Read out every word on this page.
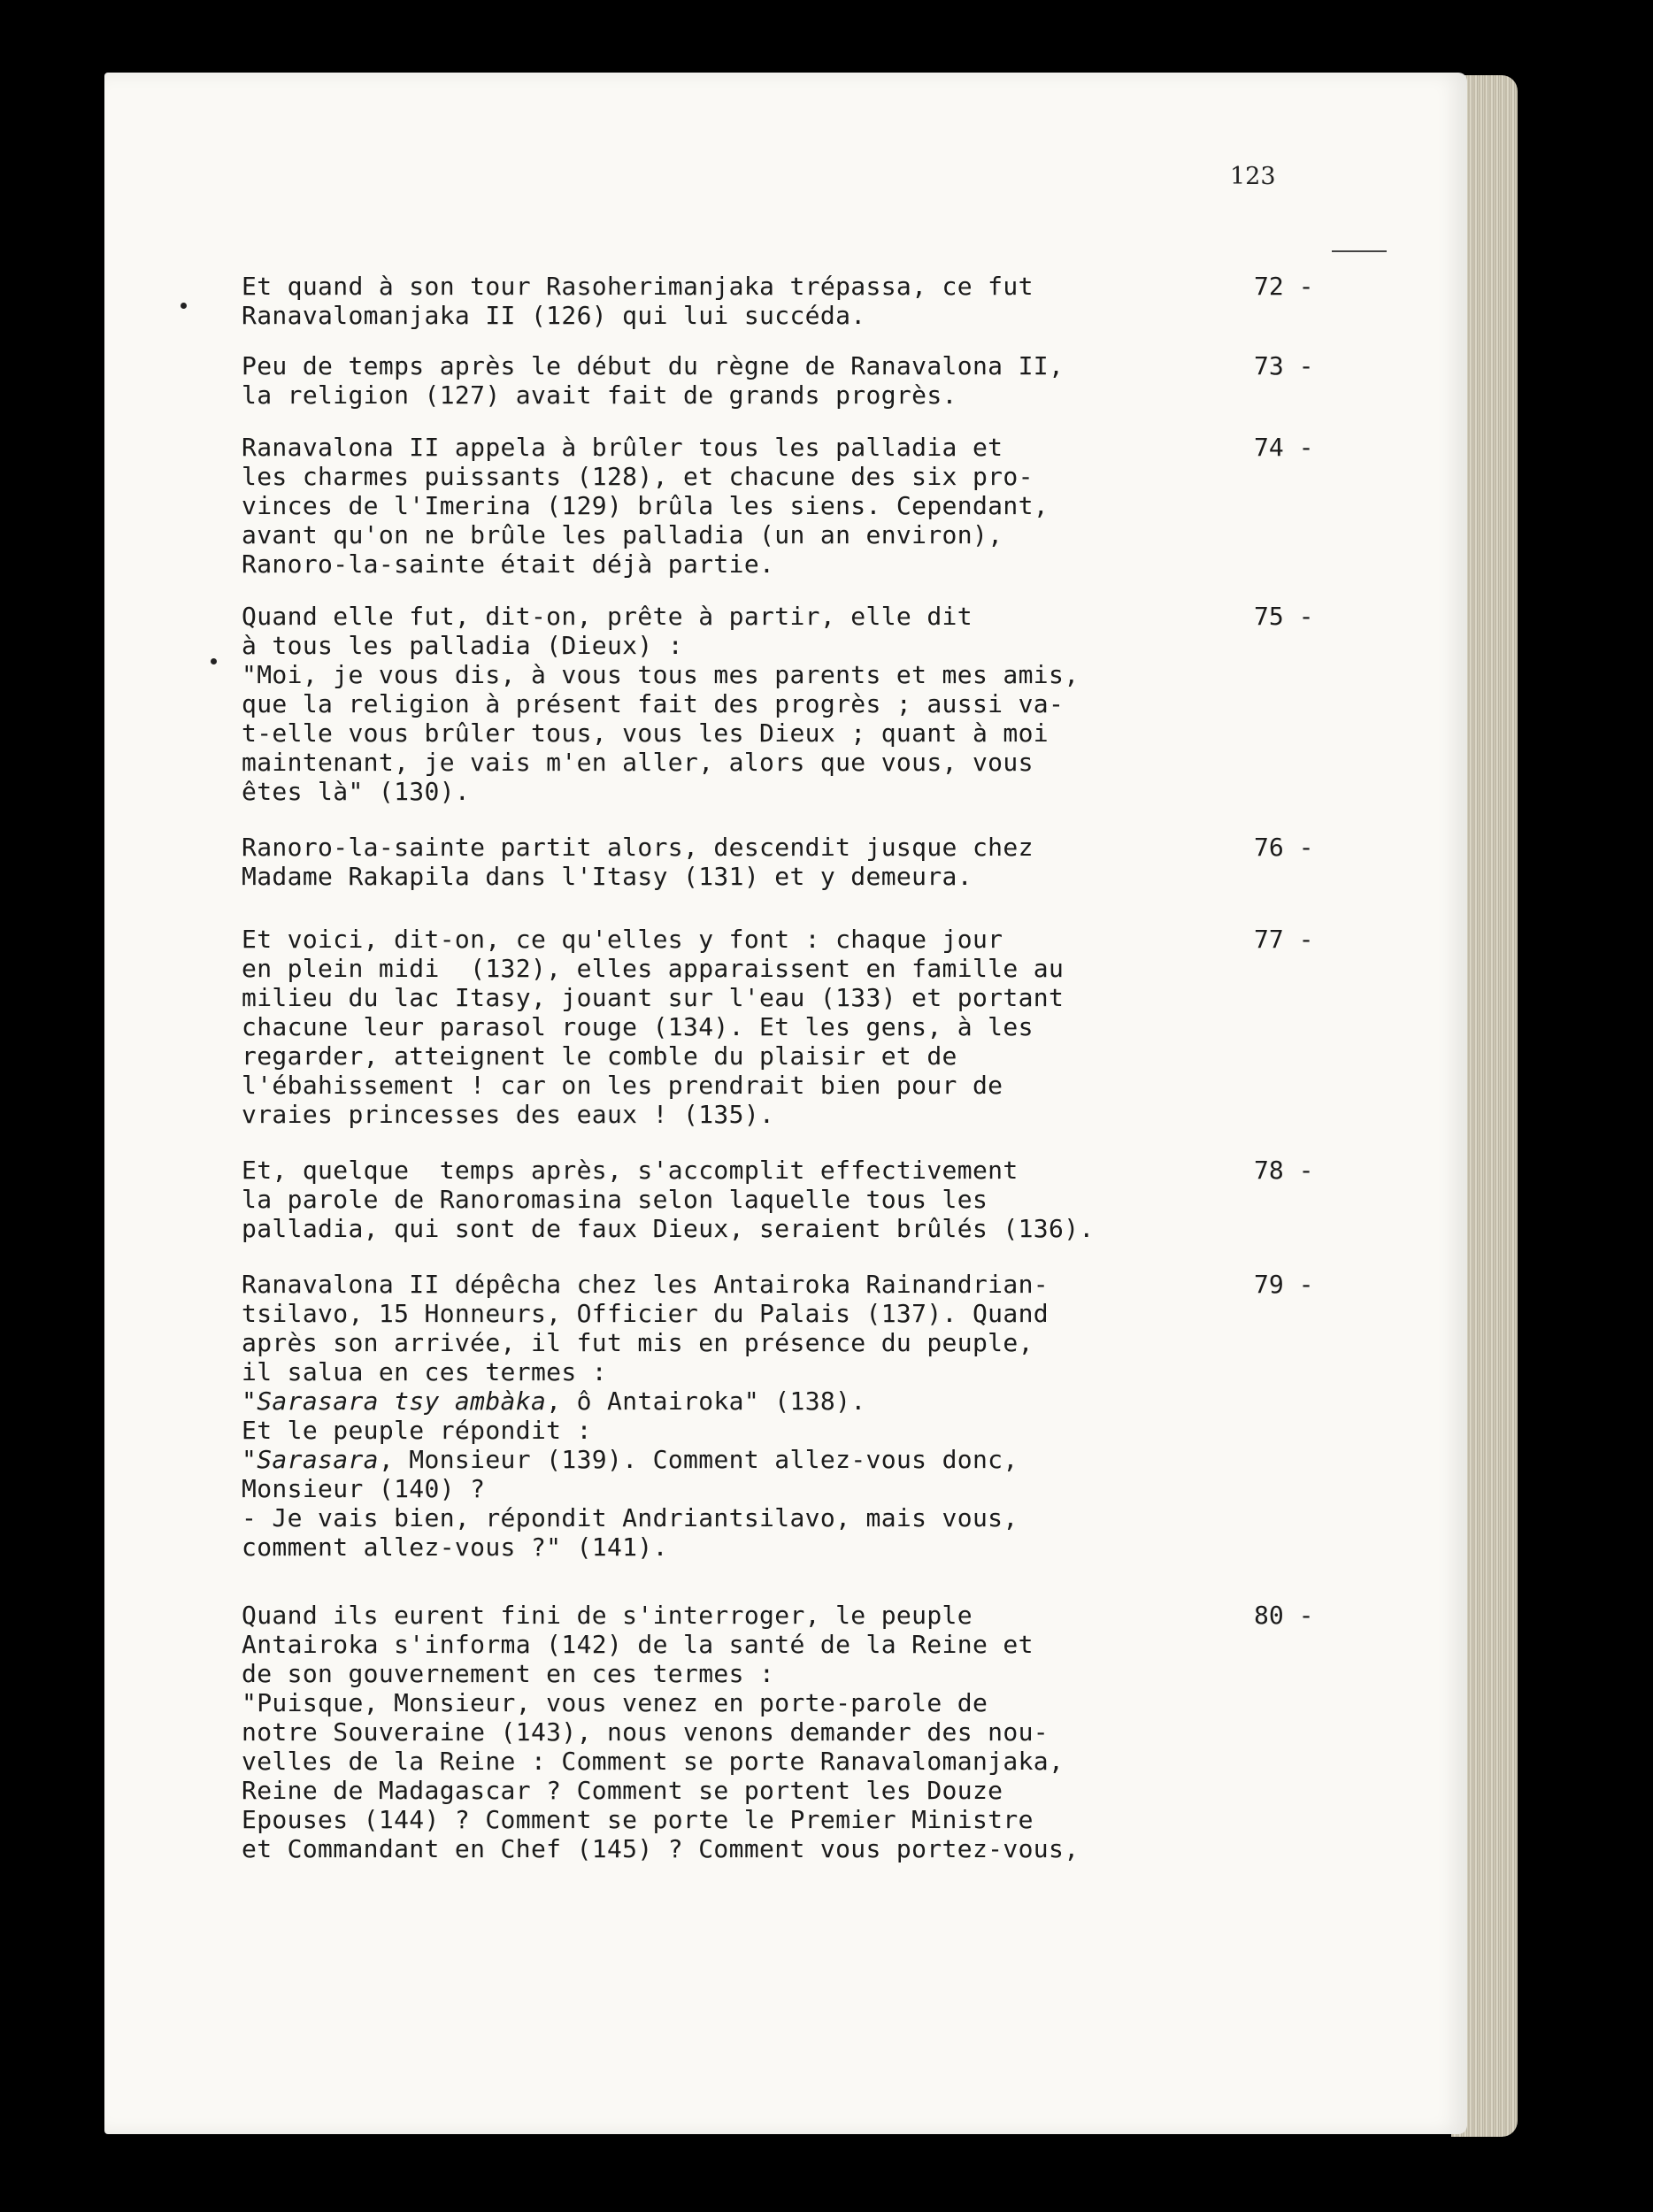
123
72 -
Et quand à son tour Rasoherimanjaka trépassa, ce fut
Ranavalomanjaka II (126) qui lui succéda.
73 -
Peu de temps après le début du règne de Ranavalona II,
la religion (127) avait fait de grands progrès.
74 -
Ranavalona II appela à brûler tous les palladia et
les charmes puissants (128), et chacune des six pro-
vinces de l'Imerina (129) brûla les siens. Cependant,
avant qu'on ne brûle les palladia (un an environ),
Ranoro-la-sainte était déjà partie.
75 -
Quand elle fut, dit-on, prête à partir, elle dit
à tous les palladia (Dieux) :
"Moi, je vous dis, à vous tous mes parents et mes amis,
que la religion à présent fait des progrès ; aussi va-
t-elle vous brûler tous, vous les Dieux ; quant à moi
maintenant, je vais m'en aller, alors que vous, vous
êtes là" (130).
76 -
Ranoro-la-sainte partit alors, descendit jusque chez
Madame Rakapila dans l'Itasy (131) et y demeura.
77 -
Et voici, dit-on, ce qu'elles y font : chaque jour
en plein midi  (132), elles apparaissent en famille au
milieu du lac Itasy, jouant sur l'eau (133) et portant
chacune leur parasol rouge (134). Et les gens, à les
regarder, atteignent le comble du plaisir et de
l'ébahissement ! car on les prendrait bien pour de
vraies princesses des eaux ! (135).
78 -
Et, quelque  temps après, s'accomplit effectivement
la parole de Ranoromasina selon laquelle tous les
palladia, qui sont de faux Dieux, seraient brûlés (136).
79 -
Ranavalona II dépêcha chez les Antairoka Rainandrian-
tsilavo, 15 Honneurs, Officier du Palais (137). Quand
après son arrivée, il fut mis en présence du peuple,
il salua en ces termes :
"Sarasara tsy ambàka, ô Antairoka" (138).
Et le peuple répondit :
"Sarasara, Monsieur (139). Comment allez-vous donc,
Monsieur (140) ?
- Je vais bien, répondit Andriantsilavo, mais vous,
comment allez-vous ?" (141).
80 -
Quand ils eurent fini de s'interroger, le peuple
Antairoka s'informa (142) de la santé de la Reine et
de son gouvernement en ces termes :
"Puisque, Monsieur, vous venez en porte-parole de
notre Souveraine (143), nous venons demander des nou-
velles de la Reine : Comment se porte Ranavalomanjaka,
Reine de Madagascar ? Comment se portent les Douze
Epouses (144) ? Comment se porte le Premier Ministre
et Commandant en Chef (145) ? Comment vous portez-vous,
